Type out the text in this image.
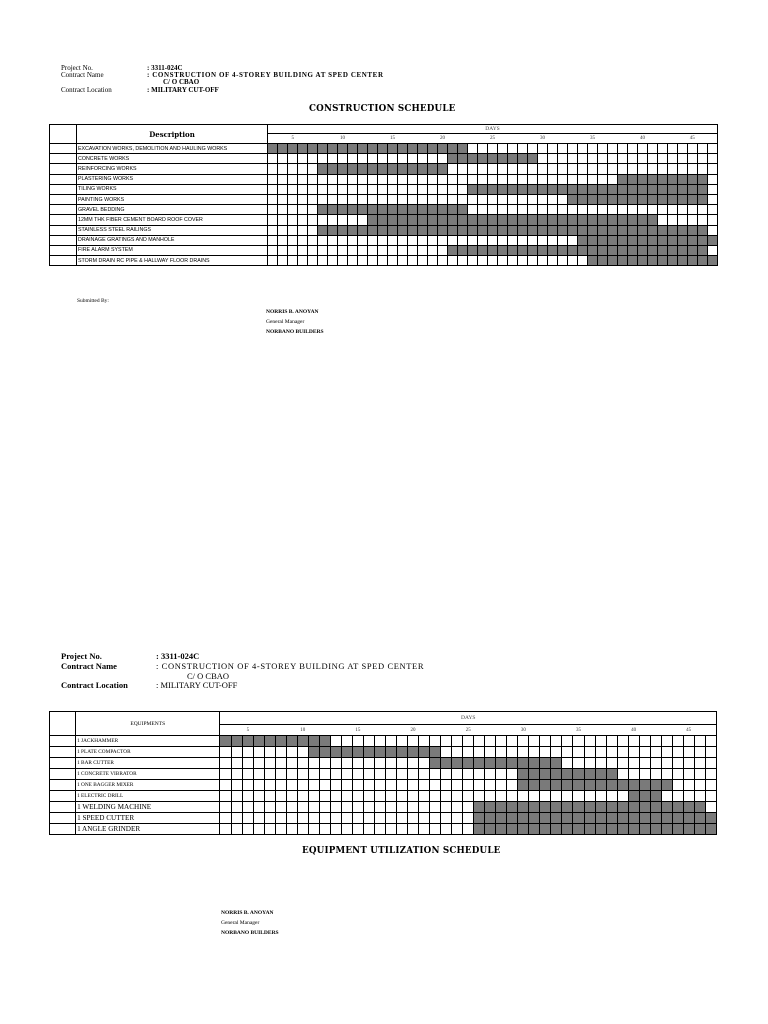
Project No.	: 3311-024C
Contract Name	: CONSTRUCTION OF 4-STOREY BUILDING AT SPED CENTER
C/ O CBAO
Contract Location	: MILITARY CUT-OFF
CONSTRUCTION SCHEDULE
	Description	DAYS																																												
		5					10					15					20					25					30					35					40					45				
	EXCAVATION WORKS, DEMOLITION AND HAULING WORKS																																													
	CONCRETE WORKS																																													
	REINFORCING WORKS																																													
	PLASTERING WORKS																																													
	TILING WORKS																																													
	PAINTING WORKS																																													
	GRAVEL BEDDING																																													
	12MM THK FIBER CEMENT BOARD ROOF COVER																																													
	STAINLESS STEEL RAILINGS																																													
	DRAINAGE GRATINGS AND MANHOLE																																													
	FIRE ALARM SYSTEM																																													
	STORM DRAIN RC PIPE & HALLWAY FLOOR DRAINS																																													
Submitted By:
NORRIS B. ANOYAN
General Manager
NORBANO BUILDERS
Project No.	: 3311-024C
Contract Name	: CONSTRUCTION OF 4-STOREY BUILDING AT SPED CENTER
C/ O CBAO
Contract Location	: MILITARY CUT-OFF
	EQUIPMENTS	DAYS																																												
		5					10					15					20					25					30					35					40					45				
	1 JACKHAMMER																																													
	1 PLATE COMPACTOR																																													
	1 BAR CUTTER																																													
	1 CONCRETE VIBRATOR																																													
	1 ONE BAGGER MIXER																																													
	1 ELECTRIC DRILL																																													
	1 WELDING MACHINE																																													
	1 SPEED CUTTER																																													
	1 ANGLE GRINDER																																													
EQUIPMENT UTILIZATION SCHEDULE
NORRIS B. ANOYAN
General Manager
NORBANO BUILDERS
